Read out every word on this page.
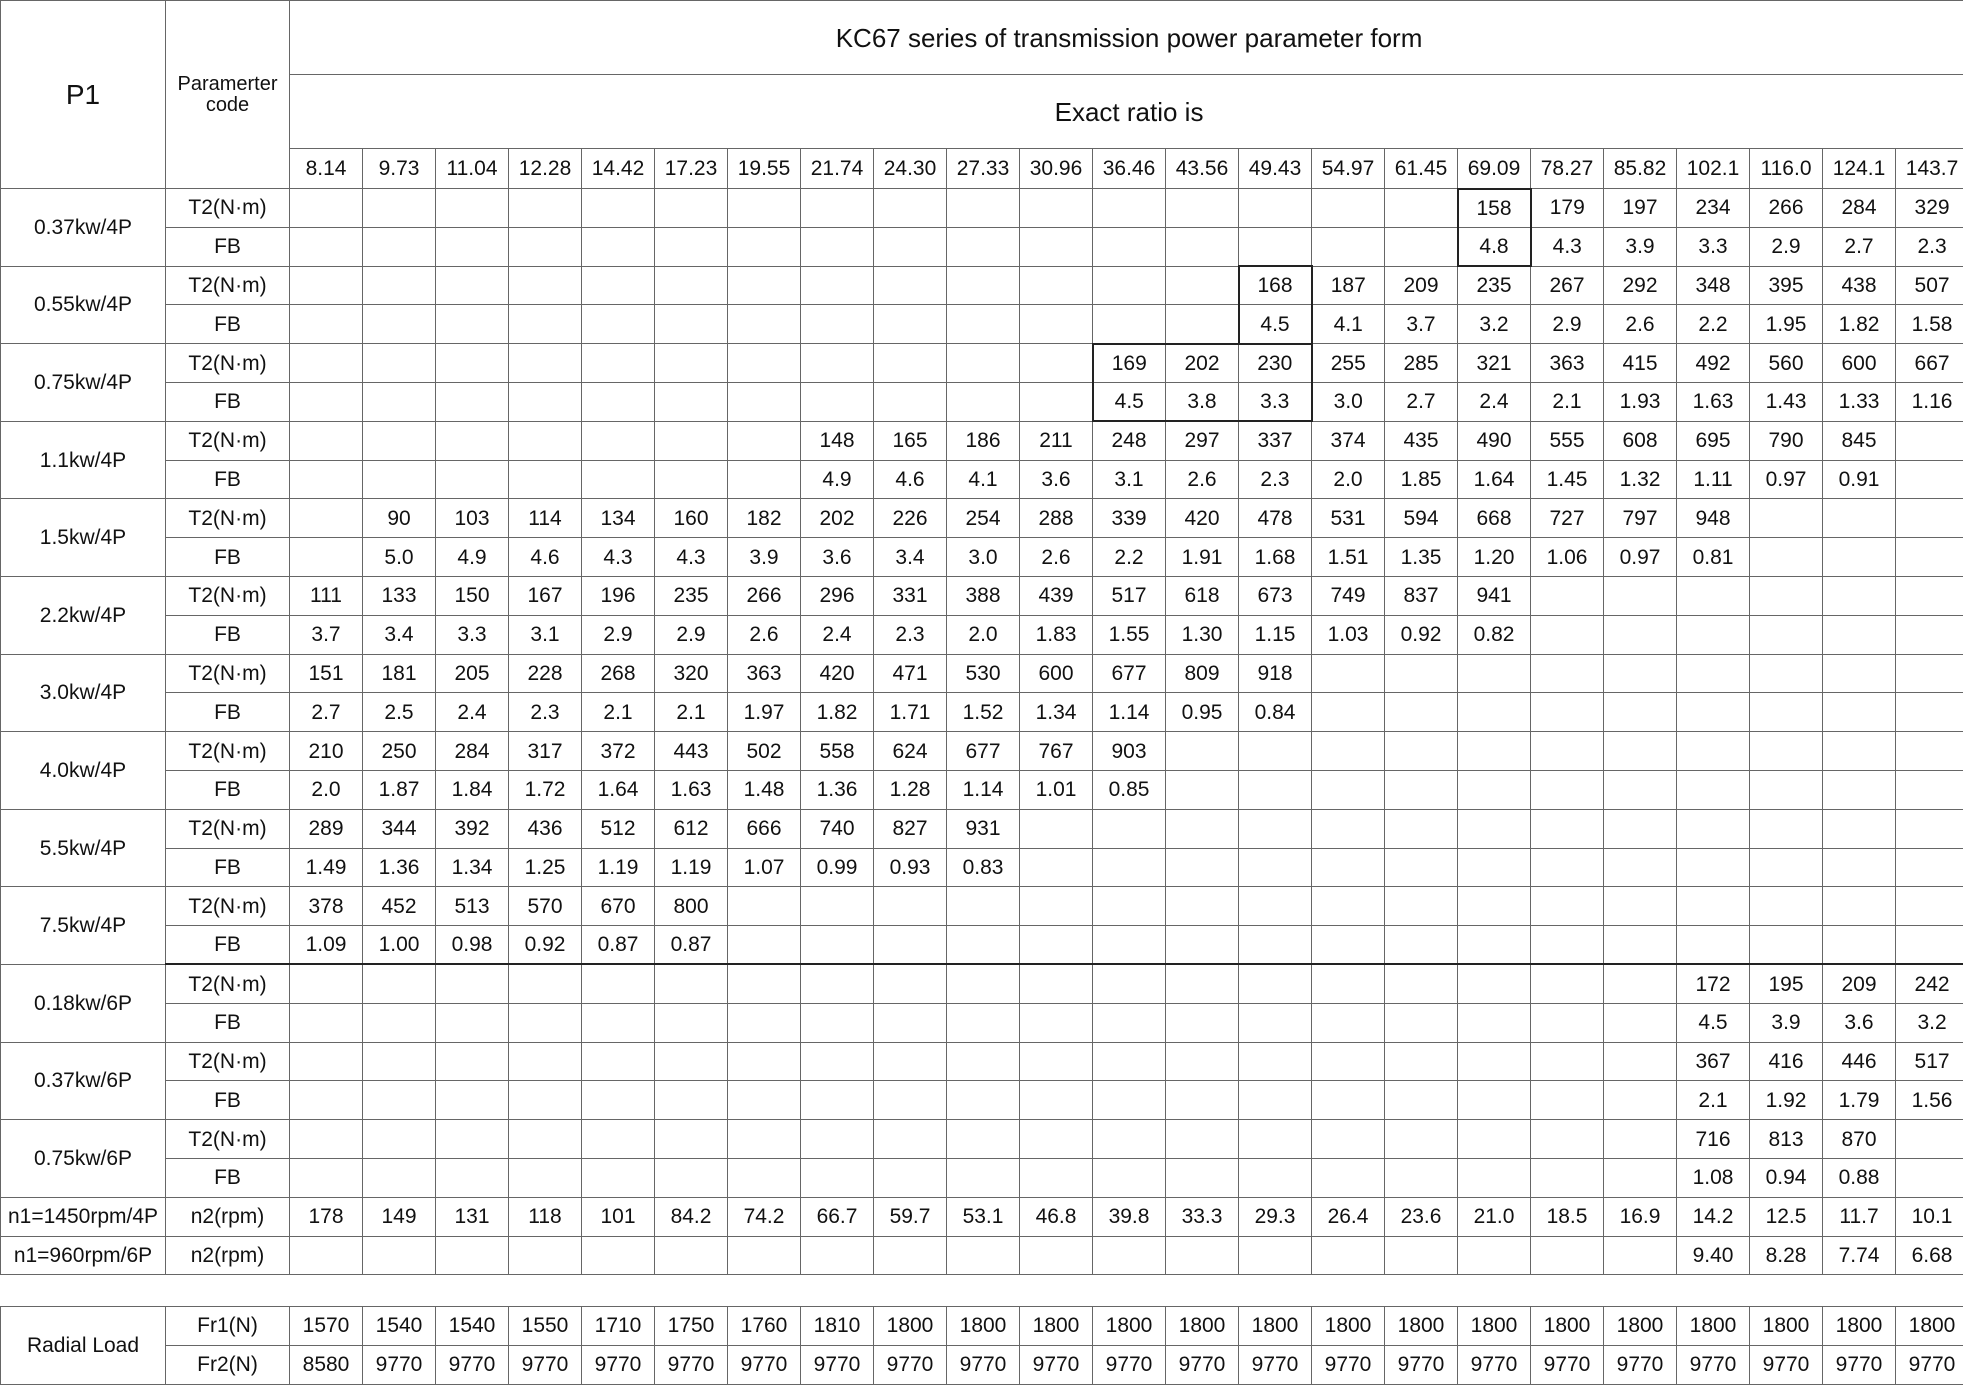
P1	Paramerter code	KC67 series of transmission power parameter form																						
		Exact ratio is																						
		8.14	9.73	11.04	12.28	14.42	17.23	19.55	21.74	24.30	27.33	30.96	36.46	43.56	49.43	54.97	61.45	69.09	78.27	85.82	102.1	116.0	124.1	143.7
0.37kw/4P	T2(N·m)																	158	179	197	234	266	284	329
	FB																	4.8	4.3	3.9	3.3	2.9	2.7	2.3
0.55kw/4P	T2(N·m)														168	187	209	235	267	292	348	395	438	507
	FB														4.5	4.1	3.7	3.2	2.9	2.6	2.2	1.95	1.82	1.58
0.75kw/4P	T2(N·m)												169	202	230	255	285	321	363	415	492	560	600	667
	FB												4.5	3.8	3.3	3.0	2.7	2.4	2.1	1.93	1.63	1.43	1.33	1.16
1.1kw/4P	T2(N·m)								148	165	186	211	248	297	337	374	435	490	555	608	695	790	845	
	FB								4.9	4.6	4.1	3.6	3.1	2.6	2.3	2.0	1.85	1.64	1.45	1.32	1.11	0.97	0.91	
1.5kw/4P	T2(N·m)		90	103	114	134	160	182	202	226	254	288	339	420	478	531	594	668	727	797	948			
	FB		5.0	4.9	4.6	4.3	4.3	3.9	3.6	3.4	3.0	2.6	2.2	1.91	1.68	1.51	1.35	1.20	1.06	0.97	0.81			
2.2kw/4P	T2(N·m)	111	133	150	167	196	235	266	296	331	388	439	517	618	673	749	837	941						
	FB	3.7	3.4	3.3	3.1	2.9	2.9	2.6	2.4	2.3	2.0	1.83	1.55	1.30	1.15	1.03	0.92	0.82						
3.0kw/4P	T2(N·m)	151	181	205	228	268	320	363	420	471	530	600	677	809	918									
	FB	2.7	2.5	2.4	2.3	2.1	2.1	1.97	1.82	1.71	1.52	1.34	1.14	0.95	0.84									
4.0kw/4P	T2(N·m)	210	250	284	317	372	443	502	558	624	677	767	903											
	FB	2.0	1.87	1.84	1.72	1.64	1.63	1.48	1.36	1.28	1.14	1.01	0.85											
5.5kw/4P	T2(N·m)	289	344	392	436	512	612	666	740	827	931													
	FB	1.49	1.36	1.34	1.25	1.19	1.19	1.07	0.99	0.93	0.83													
7.5kw/4P	T2(N·m)	378	452	513	570	670	800																	
	FB	1.09	1.00	0.98	0.92	0.87	0.87																	
0.18kw/6P	T2(N·m)																				172	195	209	242
	FB																				4.5	3.9	3.6	3.2
0.37kw/6P	T2(N·m)																				367	416	446	517
	FB																				2.1	1.92	1.79	1.56
0.75kw/6P	T2(N·m)																				716	813	870	
	FB																				1.08	0.94	0.88	
n1=1450rpm/4P	n2(rpm)	178	149	131	118	101	84.2	74.2	66.7	59.7	53.1	46.8	39.8	33.3	29.3	26.4	23.6	21.0	18.5	16.9	14.2	12.5	11.7	10.1
n1=960rpm/6P	n2(rpm)																				9.40	8.28	7.74	6.68
Radial Load	Fr1(N)	1570	1540	1540	1550	1710	1750	1760	1810	1800	1800	1800	1800	1800	1800	1800	1800	1800	1800	1800	1800	1800	1800	1800
	Fr2(N)	8580	9770	9770	9770	9770	9770	9770	9770	9770	9770	9770	9770	9770	9770	9770	9770	9770	9770	9770	9770	9770	9770	9770
